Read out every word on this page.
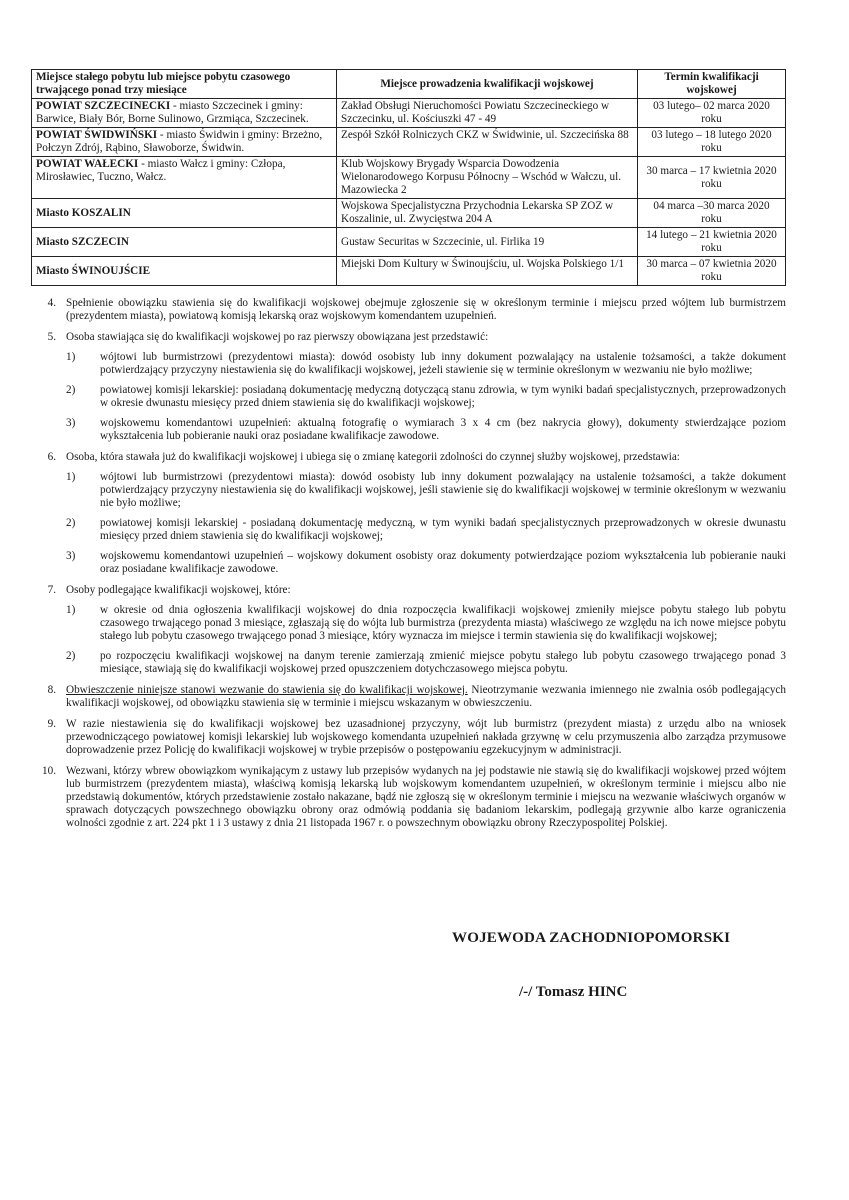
Miejsce stałego pobytu lub miejsce pobytu czasowego trwającego ponad trzy miesiące	Miejsce prowadzenia kwalifikacji wojskowej	Termin kwalifikacji wojskowej
POWIAT SZCZECINECKI - miasto Szczecinek i gminy: Barwice, Biały Bór, Borne Sulinowo, Grzmiąca, Szczecinek.	Zakład Obsługi Nieruchomości Powiatu Szczecineckiego w Szczecinku, ul. Kościuszki 47 - 49	03 lutego– 02 marca 2020 roku
POWIAT ŚWIDWIŃSKI - miasto Świdwin i gminy: Brzeżno, Połczyn Zdrój, Rąbino, Sławoborze, Świdwin.	Zespół Szkół Rolniczych CKZ w Świdwinie, ul. Szczecińska 88	03 lutego – 18 lutego 2020 roku
POWIAT WAŁECKI - miasto Wałcz i gminy: Człopa, Mirosławiec, Tuczno, Wałcz.	Klub Wojskowy Brygady Wsparcia Dowodzenia Wielonarodowego Korpusu Północny – Wschód w Wałczu, ul. Mazowiecka 2	30 marca – 17 kwietnia 2020 roku
Miasto KOSZALIN	Wojskowa Specjalistyczna Przychodnia Lekarska SP ZOZ w Koszalinie, ul. Zwycięstwa 204 A	04 marca –30 marca 2020 roku
Miasto SZCZECIN	Gustaw Securitas w Szczecinie, ul. Firlika 19	14 lutego – 21 kwietnia 2020 roku
Miasto ŚWINOUJŚCIE	Miejski Dom Kultury w Świnoujściu, ul. Wojska Polskiego 1/1	30 marca – 07 kwietnia 2020 roku
4. Spełnienie obowiązku stawienia się do kwalifikacji wojskowej obejmuje zgłoszenie się w określonym terminie i miejscu przed wójtem lub burmistrzem (prezydentem miasta), powiatową komisją lekarską oraz wojskowym komendantem uzupełnień.
5. Osoba stawiająca się do kwalifikacji wojskowej po raz pierwszy obowiązana jest przedstawić:
1)	wójtowi lub burmistrzowi (prezydentowi miasta): dowód osobisty lub inny dokument pozwalający na ustalenie tożsamości, a także dokument potwierdzający przyczyny niestawienia się do kwalifikacji wojskowej, jeżeli stawienie się w terminie określonym w wezwaniu nie było możliwe;
2)	powiatowej komisji lekarskiej: posiadaną dokumentację medyczną dotyczącą stanu zdrowia, w tym wyniki badań specjalistycznych, przeprowadzonych w okresie dwunastu miesięcy przed dniem stawienia się do kwalifikacji wojskowej;
3)	wojskowemu komendantowi uzupełnień: aktualną fotografię o wymiarach 3 x 4 cm (bez nakrycia głowy), dokumenty stwierdzające poziom wykształcenia lub pobieranie nauki oraz posiadane kwalifikacje zawodowe.
6. Osoba, która stawała już do kwalifikacji wojskowej i ubiega się o zmianę kategorii zdolności do czynnej służby wojskowej, przedstawia:
1)	wójtowi lub burmistrzowi (prezydentowi miasta): dowód osobisty lub inny dokument pozwalający na ustalenie tożsamości, a także dokument potwierdzający przyczyny niestawienia się do kwalifikacji wojskowej, jeśli stawienie się do kwalifikacji wojskowej w terminie określonym w wezwaniu nie było możliwe;
2)	powiatowej komisji lekarskiej - posiadaną dokumentację medyczną, w tym wyniki badań specjalistycznych przeprowadzonych w okresie dwunastu miesięcy przed dniem stawienia się do kwalifikacji wojskowej;
3)	wojskowemu komendantowi uzupełnień – wojskowy dokument osobisty oraz dokumenty potwierdzające poziom wykształcenia lub pobieranie nauki oraz posiadane kwalifikacje zawodowe.
7. Osoby podlegające kwalifikacji wojskowej, które:
1)	w okresie od dnia ogłoszenia kwalifikacji wojskowej do dnia rozpoczęcia kwalifikacji wojskowej zmieniły miejsce pobytu stałego lub pobytu czasowego trwającego ponad 3 miesiące, zgłaszają się do wójta lub burmistrza (prezydenta miasta) właściwego ze względu na ich nowe miejsce pobytu stałego lub pobytu czasowego trwającego ponad 3 miesiące, który wyznacza im miejsce i termin stawienia się do kwalifikacji wojskowej;
2)	po rozpoczęciu kwalifikacji wojskowej na danym terenie zamierzają zmienić miejsce pobytu stałego lub pobytu czasowego trwającego ponad 3 miesiące, stawiają się do kwalifikacji wojskowej przed opuszczeniem dotychczasowego miejsca pobytu.
8. Obwieszczenie niniejsze stanowi wezwanie do stawienia się do kwalifikacji wojskowej. Nieotrzymanie wezwania imiennego nie zwalnia osób podlegających kwalifikacji wojskowej, od obowiązku stawienia się w terminie i miejscu wskazanym w obwieszczeniu.
9. W razie niestawienia się do kwalifikacji wojskowej bez uzasadnionej przyczyny, wójt lub burmistrz (prezydent miasta) z urzędu albo na wniosek przewodniczącego powiatowej komisji lekarskiej lub wojskowego komendanta uzupełnień nakłada grzywnę w celu przymuszenia albo zarządza przymusowe doprowadzenie przez Policję do kwalifikacji wojskowej w trybie przepisów o postępowaniu egzekucyjnym w administracji.
10. Wezwani, którzy wbrew obowiązkom wynikającym z ustawy lub przepisów wydanych na jej podstawie nie stawią się do kwalifikacji wojskowej przed wójtem lub burmistrzem (prezydentem miasta), właściwą komisją lekarską lub wojskowym komendantem uzupełnień, w określonym terminie i miejscu albo nie przedstawią dokumentów, których przedstawienie zostało nakazane, bądź nie zgłoszą się w określonym terminie i miejscu na wezwanie właściwych organów w sprawach dotyczących powszechnego obowiązku obrony oraz odmówią poddania się badaniom lekarskim, podlegają grzywnie albo karze ograniczenia wolności zgodnie z art. 224 pkt 1 i 3 ustawy z dnia 21 listopada 1967 r. o powszechnym obowiązku obrony Rzeczypospolitej Polskiej.
WOJEWODA ZACHODNIOPOMORSKI
/-/ Tomasz HINC
